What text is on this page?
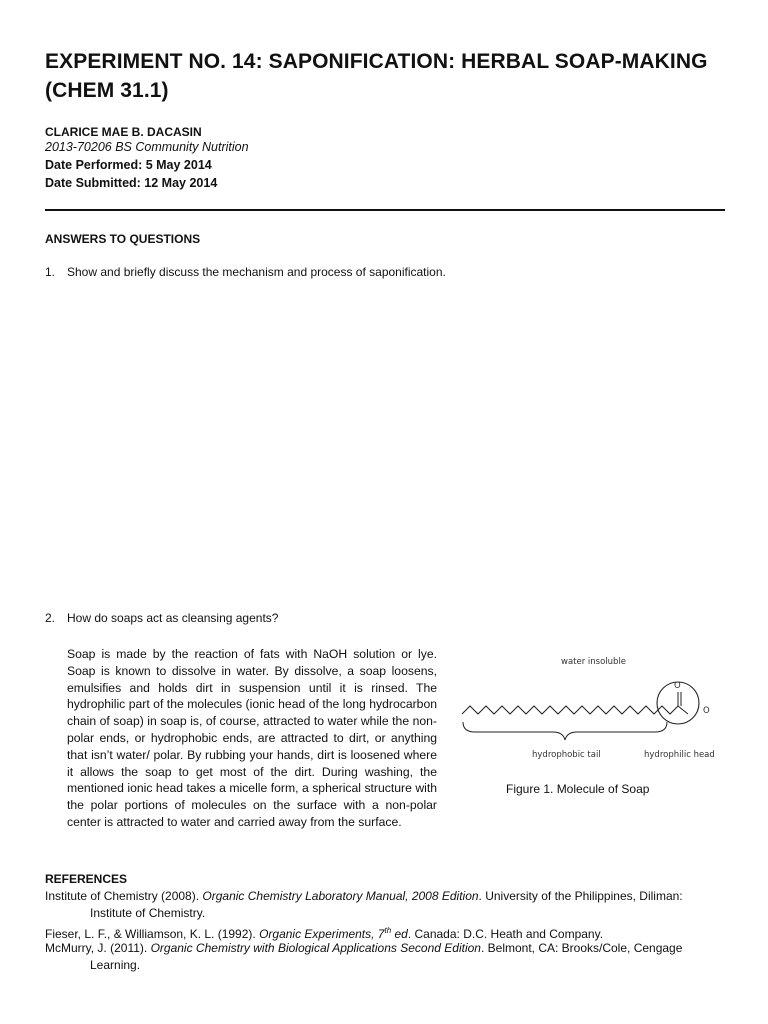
EXPERIMENT NO. 14: SAPONIFICATION: HERBAL SOAP-MAKING (CHEM 31.1)
CLARICE MAE B. DACASIN
2013-70206 BS Community Nutrition
Date Performed: 5 May 2014
Date Submitted: 12 May 2014
ANSWERS TO QUESTIONS
1. Show and briefly discuss the mechanism and process of saponification.
2. How do soaps act as cleansing agents?
Soap is made by the reaction of fats with NaOH solution or lye. Soap is known to dissolve in water. By dissolve, a soap loosens, emulsifies and holds dirt in suspension until it is rinsed. The hydrophilic part of the molecules (ionic head of the long hydrocarbon chain of soap) in soap is, of course, attracted to water while the non-polar ends, or hydrophobic ends, are attracted to dirt, or anything that isn’t water/ polar. By rubbing your hands, dirt is loosened where it allows the soap to get most of the dirt. During washing, the mentioned ionic head takes a micelle form, a spherical structure with the polar portions of molecules on the surface with a non-polar center is attracted to water and carried away from the surface.
water insoluble
O
O
hydrophobic tail	hydrophilic head
Figure 1. Molecule of Soap
REFERENCES
Institute of Chemistry (2008). Organic Chemistry Laboratory Manual, 2008 Edition. University of the Philippines, Diliman:
Institute of Chemistry.
Fieser, L. F., & Williamson, K. L. (1992). Organic Experiments, 7th ed. Canada: D.C. Heath and Company.
McMurry, J. (2011). Organic Chemistry with Biological Applications Second Edition. Belmont, CA: Brooks/Cole, Cengage
Learning.
